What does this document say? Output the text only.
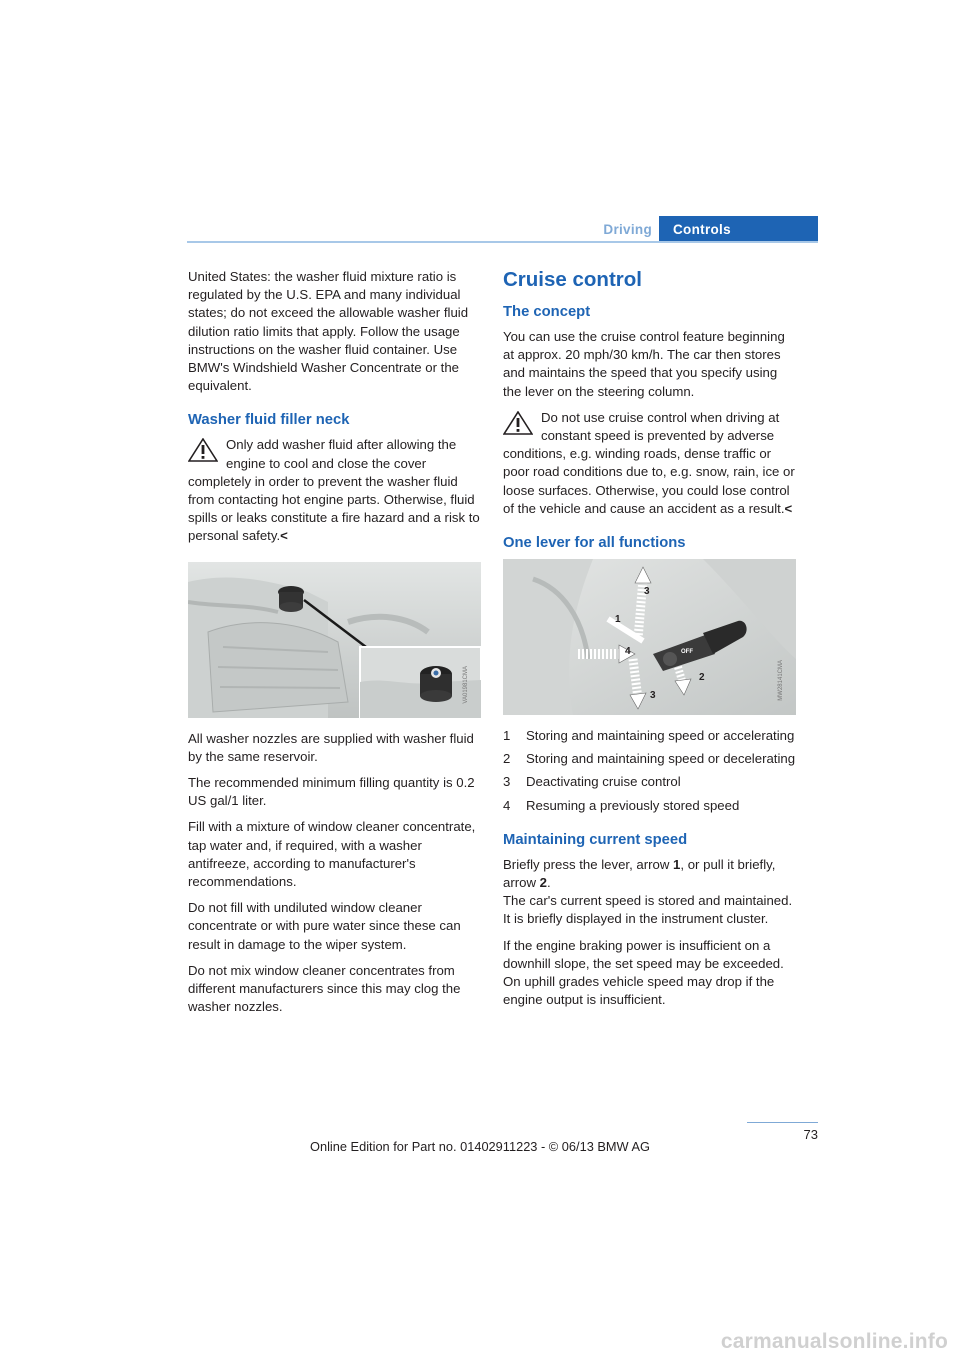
Driving	Controls

United States: the washer fluid mixture ratio is regulated by the U.S. EPA and many individual states; do not exceed the allowable washer fluid dilution ratio limits that apply. Follow the usage instructions on the washer fluid container. Use BMW's Windshield Washer Concentrate or the equivalent.

Washer fluid filler neck
Only add washer fluid after allowing the engine to cool and close the cover completely in order to prevent the washer fluid from contacting hot engine parts. Otherwise, fluid spills or leaks constitute a fire hazard and a risk to personal safety.<
VA01981CMA

All washer nozzles are supplied with washer fluid by the same reservoir.

The recommended minimum filling quantity is 0.2 US gal/1 liter.

Fill with a mixture of window cleaner concentrate, tap water and, if required, with a washer antifreeze, according to manufacturer's recommendations.

Do not fill with undiluted window cleaner concentrate or with pure water since these can result in damage to the wiper system.

Do not mix window cleaner concentrates from different manufacturers since this may clog the washer nozzles.

Cruise control
The concept

You can use the cruise control feature beginning at approx. 20 mph/30 km/h. The car then stores and maintains the speed that you specify using the lever on the steering column.

Do not use cruise control when driving at constant speed is prevented by adverse conditions, e.g. winding roads, dense traffic or poor road conditions due to, e.g. snow, rain, ice or loose surfaces. Otherwise, you could lose control of the vehicle and cause an accident as a result.<
One lever for all functions
3
1
4	OFF
2
3	MW28141CMA
1	Storing and maintaining speed or accelerating
2	Storing and maintaining speed or decelerating
3	Deactivating cruise control
4	Resuming a previously stored speed
Maintaining current speed

Briefly press the lever, arrow 1, or pull it briefly, arrow 2.

The car's current speed is stored and maintained. It is briefly displayed in the instrument cluster.

If the engine braking power is insufficient on a downhill slope, the set speed may be exceeded. On uphill grades vehicle speed may drop if the engine output is insufficient.

73
Online Edition for Part no. 01402911223 - © 06/13 BMW AG
carmanualsonline.info
